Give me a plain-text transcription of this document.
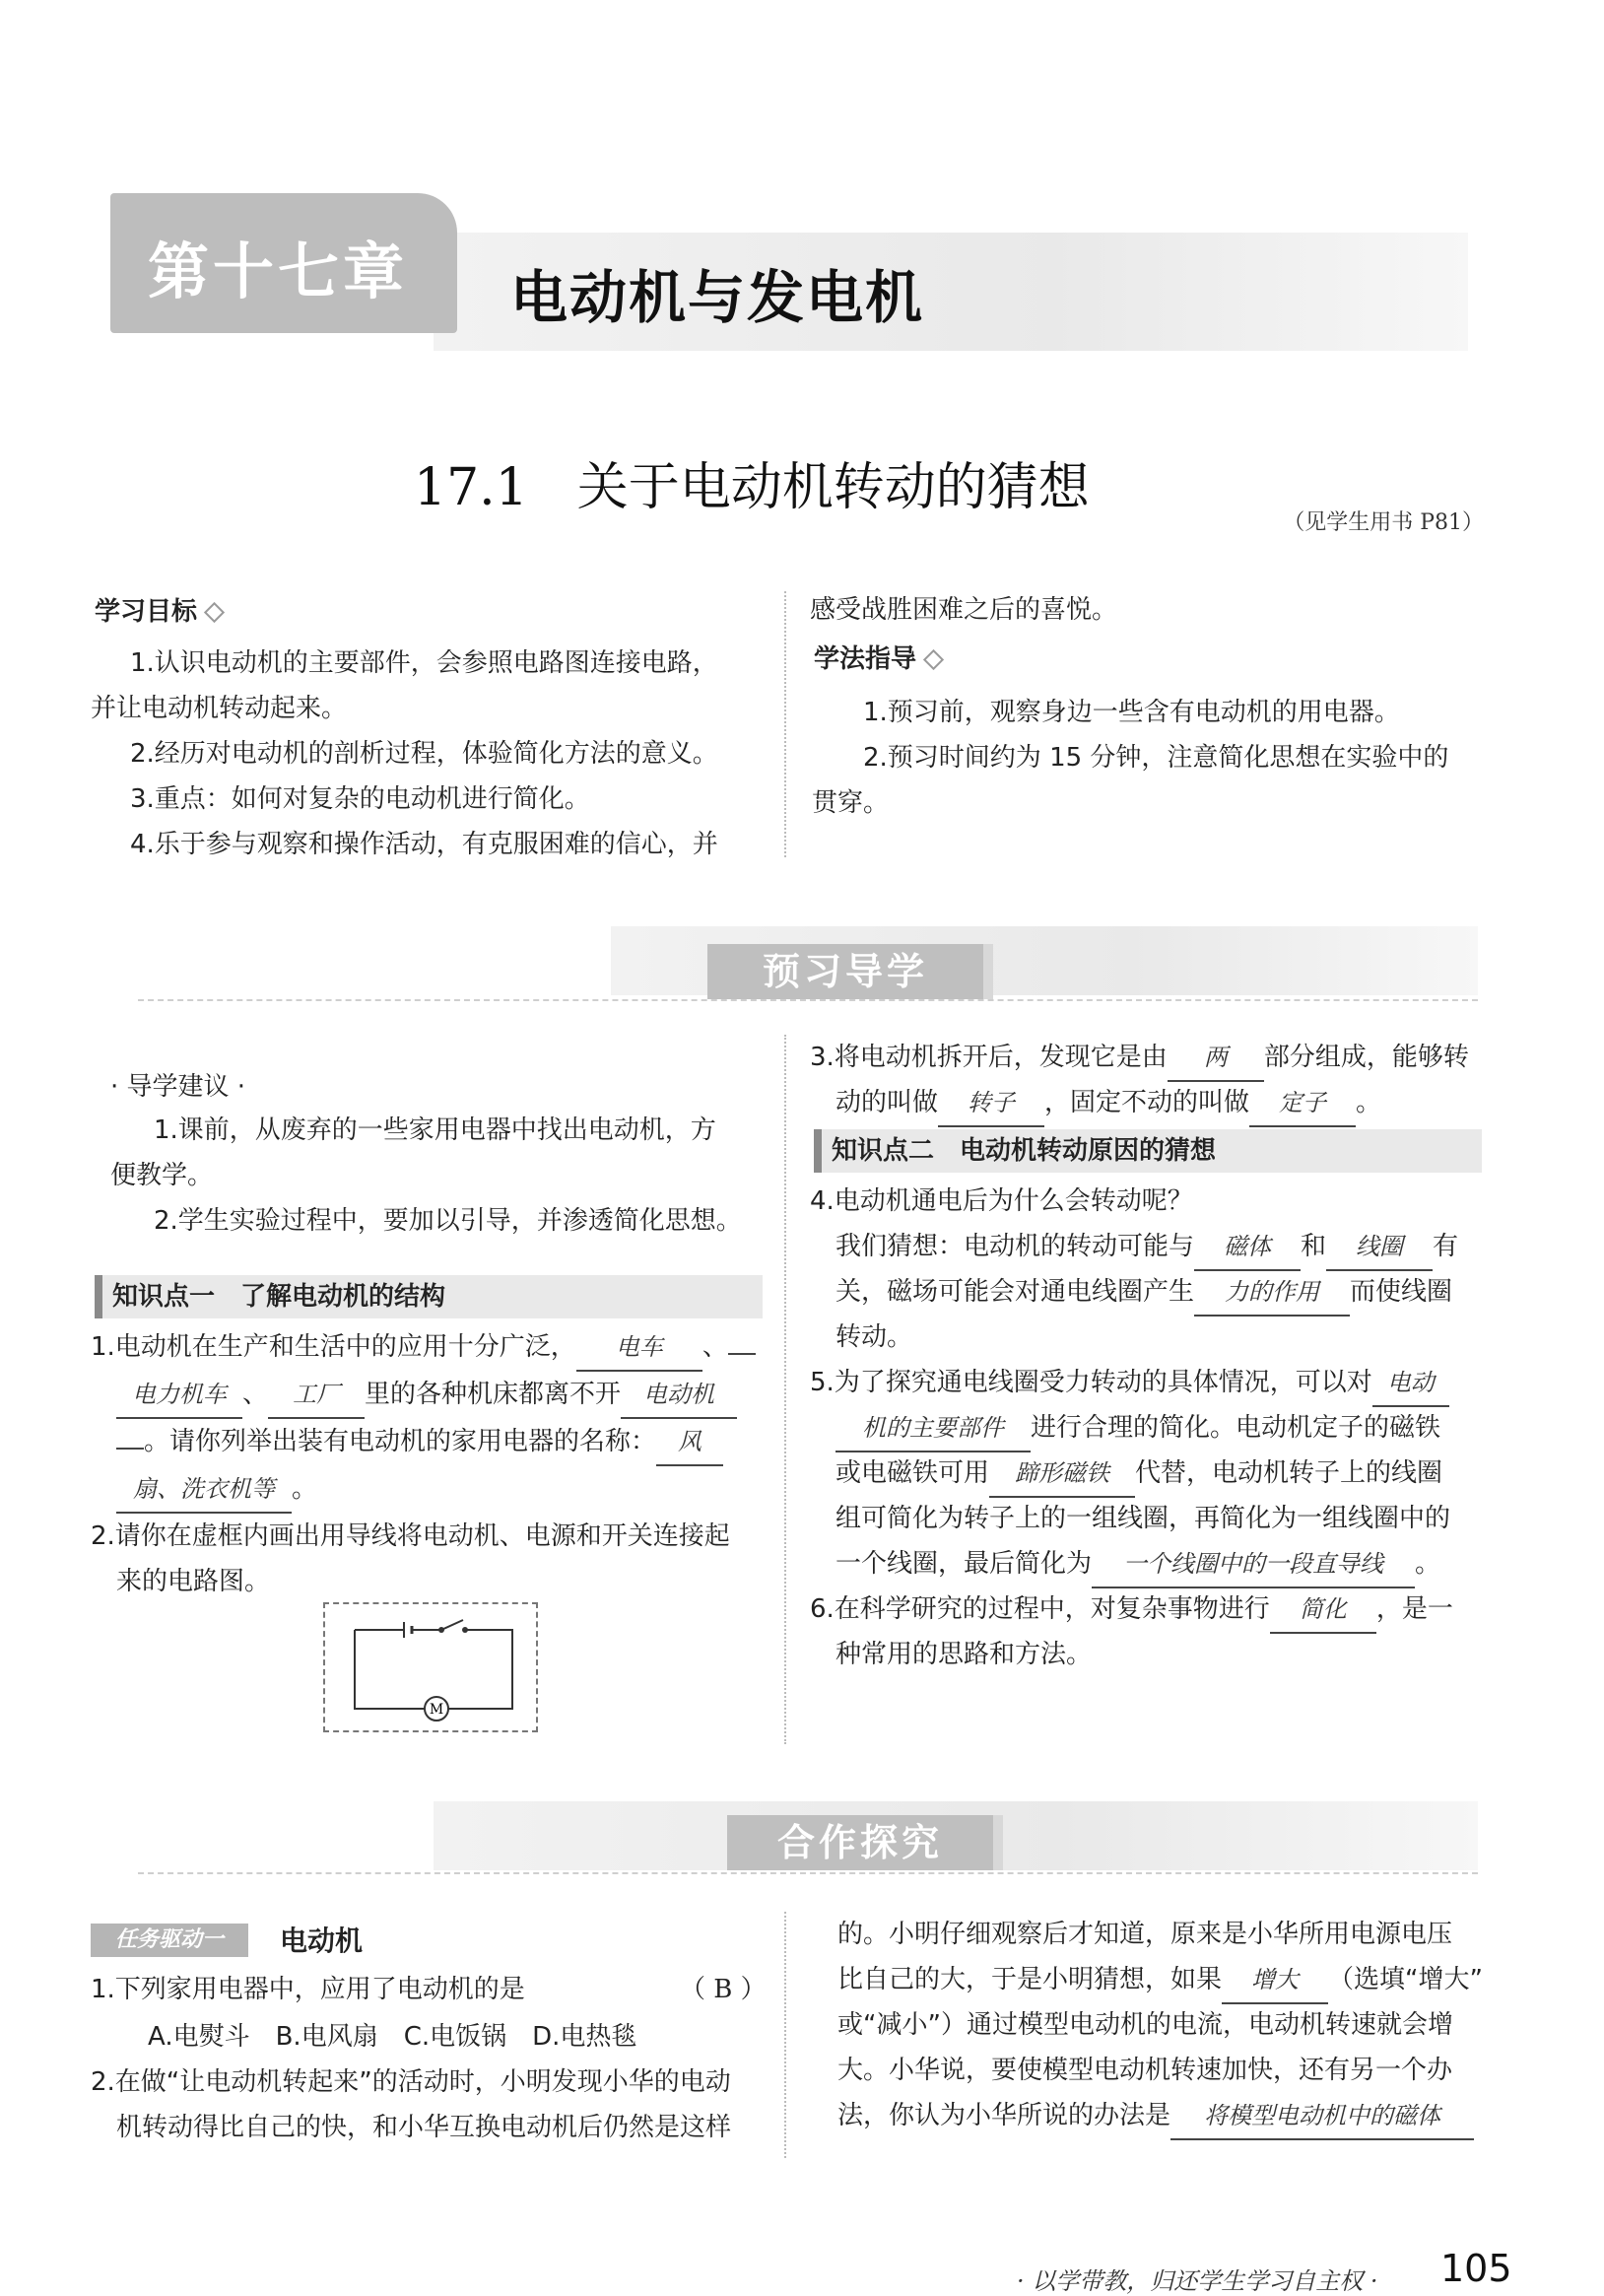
第十七章 电动机与发电机
17.1 关于电动机转动的猜想
（见学生用书 P81）
学习目标
1.认识电动机的主要部件，会参照电路图连接电路，
并让电动机转动起来。
2.经历对电动机的剖析过程，体验简化方法的意义。
3.重点：如何对复杂的电动机进行简化。
4.乐于参与观察和操作活动，有克服困难的信心，并
感受战胜困难之后的喜悦。
学法指导
1.预习前，观察身边一些含有电动机的用电器。
2.预习时间约为 15 分钟，注意简化思想在实验中的
贯穿。
预习导学
· 导学建议 ·
1.课前，从废弃的一些家用电器中找出电动机，方
便教学。
2.学生实验过程中，要加以引导，并渗透简化思想。
知识点一　了解电动机的结构
1.电动机在生产和生活中的应用十分广泛， 电车 、
电力机车 、 工厂 里的各种机床都离不开 电动机
。请你列举出装有电动机的家用电器的名称： 风
扇、洗衣机等 。
2.请你在虚框内画出用导线将电动机、电源和开关连接起
来的电路图。
M
3.将电动机拆开后，发现它是由 两 部分组成，能够转
动的叫做 转子 ，固定不动的叫做 定子 。
知识点二　电动机转动原因的猜想
4.电动机通电后为什么会转动呢？
我们猜想：电动机的转动可能与 磁体 和 线圈 有
关，磁场可能会对通电线圈产生 力的作用 而使线圈
转动。
5.为了探究通电线圈受力转动的具体情况，可以对 电动
机的主要部件 进行合理的简化。电动机定子的磁铁
或电磁铁可用 蹄形磁铁 代替，电动机转子上的线圈
组可简化为转子上的一组线圈，再简化为一组线圈中的
一个线圈，最后简化为 一个线圈中的一段直导线 。
6.在科学研究的过程中，对复杂事物进行 简化 ，是一
种常用的思路和方法。
合作探究
任务驱动一	电动机
1.下列家用电器中，应用了电动机的是	（ B ）
A.电熨斗　B.电风扇　C.电饭锅　D.电热毯
2.在做“让电动机转起来”的活动时，小明发现小华的电动
机转动得比自己的快，和小华互换电动机后仍然是这样
的。小明仔细观察后才知道，原来是小华所用电源电压
比自己的大，于是小明猜想，如果 增大 （选填“增大”
或“减小”）通过模型电动机的电流，电动机转速就会增
大。小华说，要使模型电动机转速加快，还有另一个办
法，你认为小华所说的办法是 将模型电动机中的磁体
· 以学带教，归还学生学习自主权 · 105
